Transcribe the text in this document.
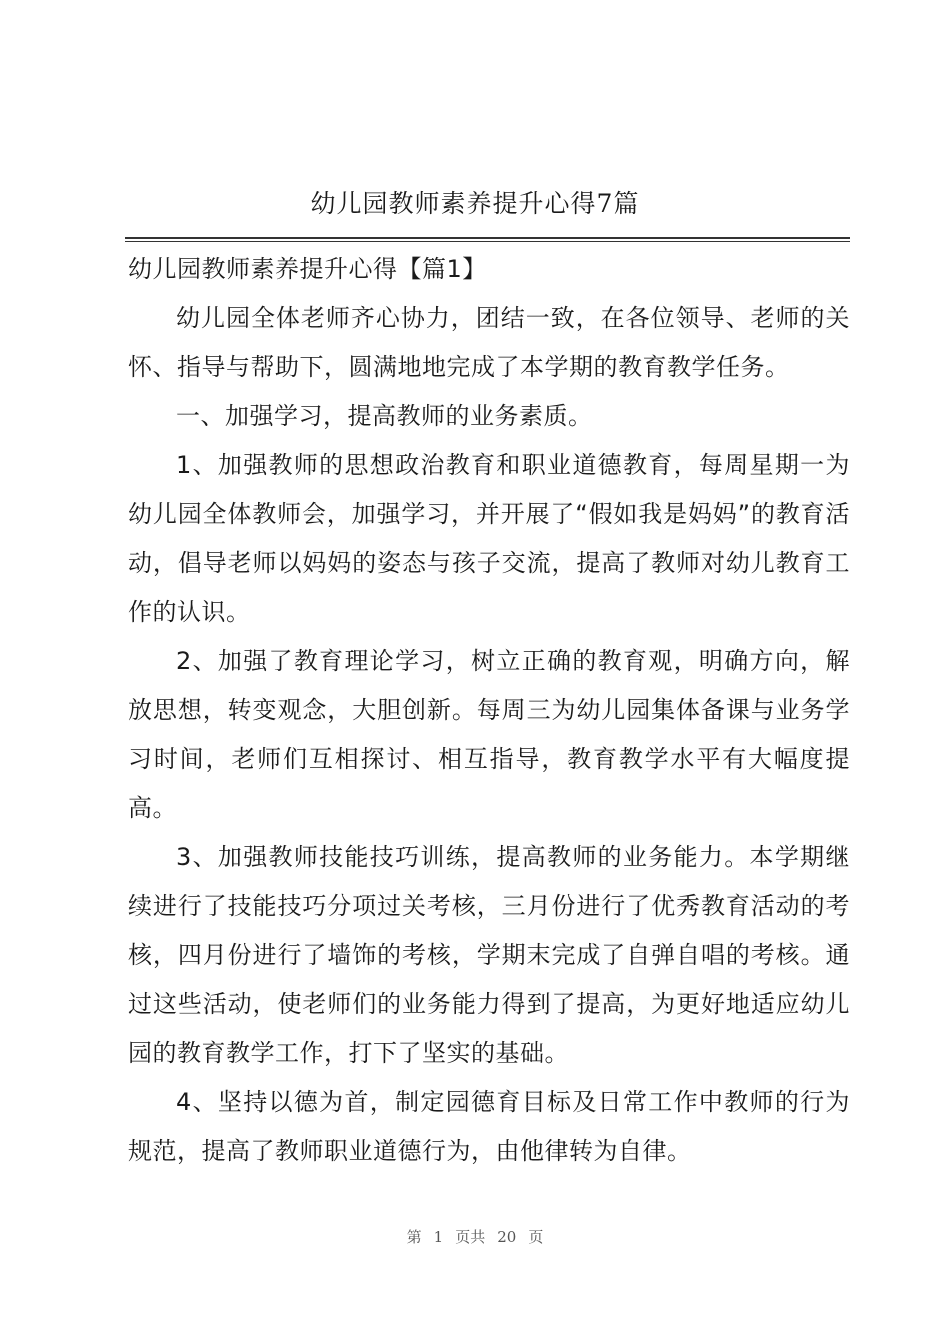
幼儿园教师素养提升心得7篇
幼儿园教师素养提升心得【篇1】

幼儿园全体老师齐心协力，团结一致，在各位领导、老师的关怀、指导与帮助下，圆满地地完成了本学期的教育教学任务。

一、加强学习，提高教师的业务素质。

1、加强教师的思想政治教育和职业道德教育，每周星期一为幼儿园全体教师会，加强学习，并开展了“假如我是妈妈”的教育活动，倡导老师以妈妈的姿态与孩子交流，提高了教师对幼儿教育工作的认识。

2、加强了教育理论学习，树立正确的教育观，明确方向，解放思想，转变观念，大胆创新。每周三为幼儿园集体备课与业务学习时间，老师们互相探讨、相互指导，教育教学水平有大幅度提高。

3、加强教师技能技巧训练，提高教师的业务能力。本学期继续进行了技能技巧分项过关考核，三月份进行了优秀教育活动的考核，四月份进行了墙饰的考核，学期末完成了自弹自唱的考核。通过这些活动，使老师们的业务能力得到了提高，为更好地适应幼儿园的教育教学工作，打下了坚实的基础。

4、坚持以德为首，制定园德育目标及日常工作中教师的行为规范，提高了教师职业道德行为，由他律转为自律。

第 1 页共 20 页
